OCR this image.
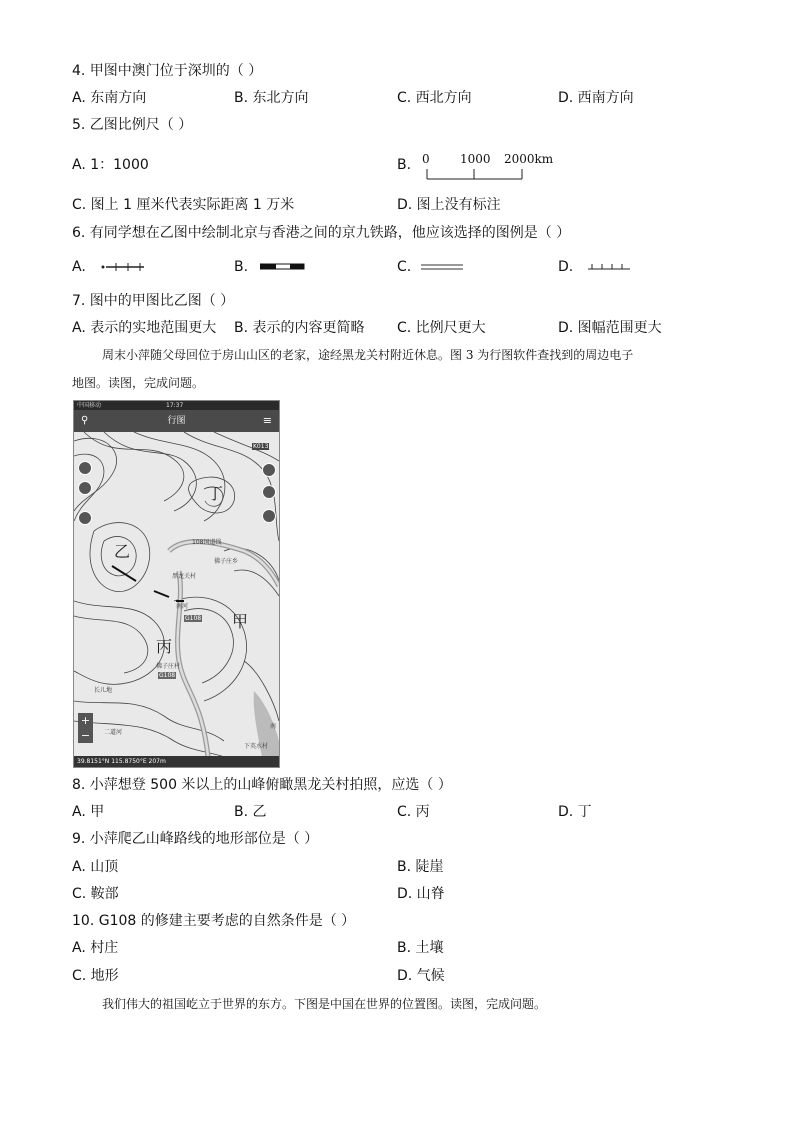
4. 甲图中澳门位于深圳的（ ）
A. 东南方向	B. 东北方向	C. 西北方向	D. 西南方向
5. 乙图比例尺（ ）
A. 1：1000	B. 0	1000 2000km
C. 图上 1 厘米代表实际距离 1 万米	D. 图上没有标注
6. 有同学想在乙图中绘制北京与香港之间的京九铁路，他应该选择的图例是（ ）
A.	B.	C.	D.
7. 图中的甲图比乙图（ ）
A. 表示的实地范围更大 B. 表示的内容更简略 C. 比例尺更大	D. 图幅范围更大
周末小萍随父母回位于房山山区的老家，途经黑龙关村附近休息。图 3 为行图软件查找到的周边电子
地图。读图，完成问题。
中国移动	17:37
⚲	行图	≡
丁
乙
甲
丙
108国道线
佛子庄乡
黑龙关村
南河
G108
佛子庄村
G108
长儿地
二道河
下英水村
K013
南
+
−
39.8151°N 115.8750°E 207m
8. 小萍想登 500 米以上的山峰俯瞰黑龙关村拍照，应选（ ）
A. 甲	B. 乙	C. 丙	D. 丁
9. 小萍爬乙山峰路线的地形部位是（ ）
A. 山顶	B. 陡崖
C. 鞍部	D. 山脊
10. G108 的修建主要考虑的自然条件是（ ）
A. 村庄	B. 土壤
C. 地形	D. 气候
我们伟大的祖国屹立于世界的东方。下图是中国在世界的位置图。读图，完成问题。
